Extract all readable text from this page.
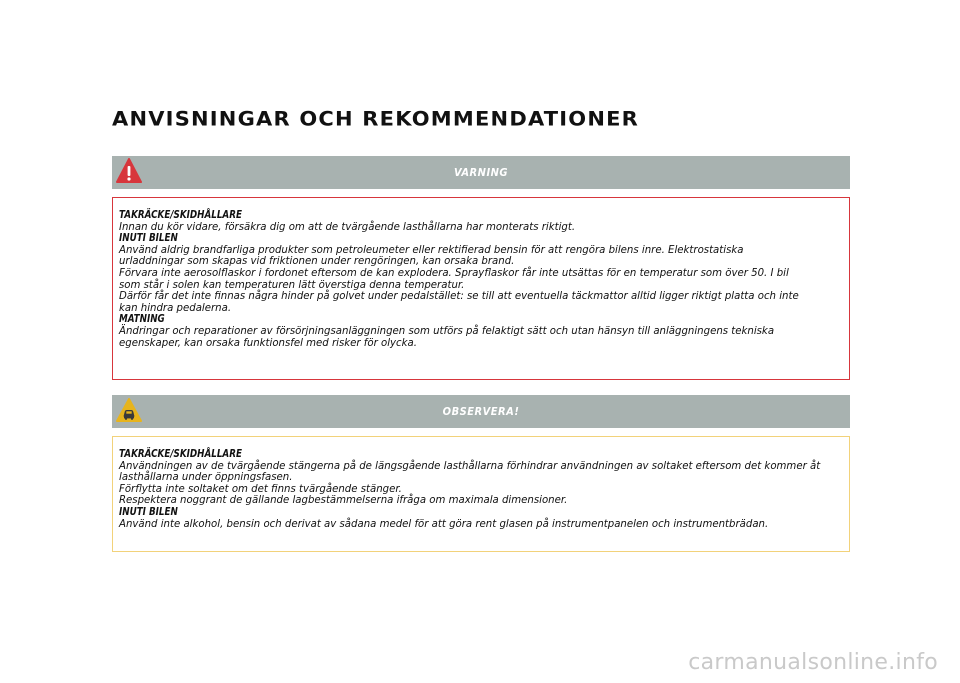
ANVISNINGAR OCH REKOMMENDATIONER
VARNING

TAKRÄCKE/SKIDHÅLLARE

Innan du kör vidare, försäkra dig om att de tvärgående lasthållarna har monterats riktigt.

INUTI BILEN

Använd aldrig brandfarliga produkter som petroleumeter eller rektifierad bensin för att rengöra bilens inre. Elektrostatiska

urladdningar som skapas vid friktionen under rengöringen, kan orsaka brand.

Förvara inte aerosolflaskor i fordonet eftersom de kan explodera. Sprayflaskor får inte utsättas för en temperatur som över 50. I bil

som står i solen kan temperaturen lätt överstiga denna temperatur.

Därför får det inte finnas några hinder på golvet under pedalstället: se till att eventuella täckmattor alltid ligger riktigt platta och inte

kan hindra pedalerna.

MATNING

Ändringar och reparationer av försörjningsanläggningen som utförs på felaktigt sätt och utan hänsyn till anläggningens tekniska

egenskaper, kan orsaka funktionsfel med risker för olycka.

OBSERVERA!

TAKRÄCKE/SKIDHÅLLARE

Användningen av de tvärgående stängerna på de längsgående lasthållarna förhindrar användningen av soltaket eftersom det kommer åt

lasthållarna under öppningsfasen.

Förflytta inte soltaket om det finns tvärgående stänger.

Respektera noggrant de gällande lagbestämmelserna ifråga om maximala dimensioner.

INUTI BILEN

Använd inte alkohol, bensin och derivat av sådana medel för att göra rent glasen på instrumentpanelen och instrumentbrädan.

carmanualsonline.info
